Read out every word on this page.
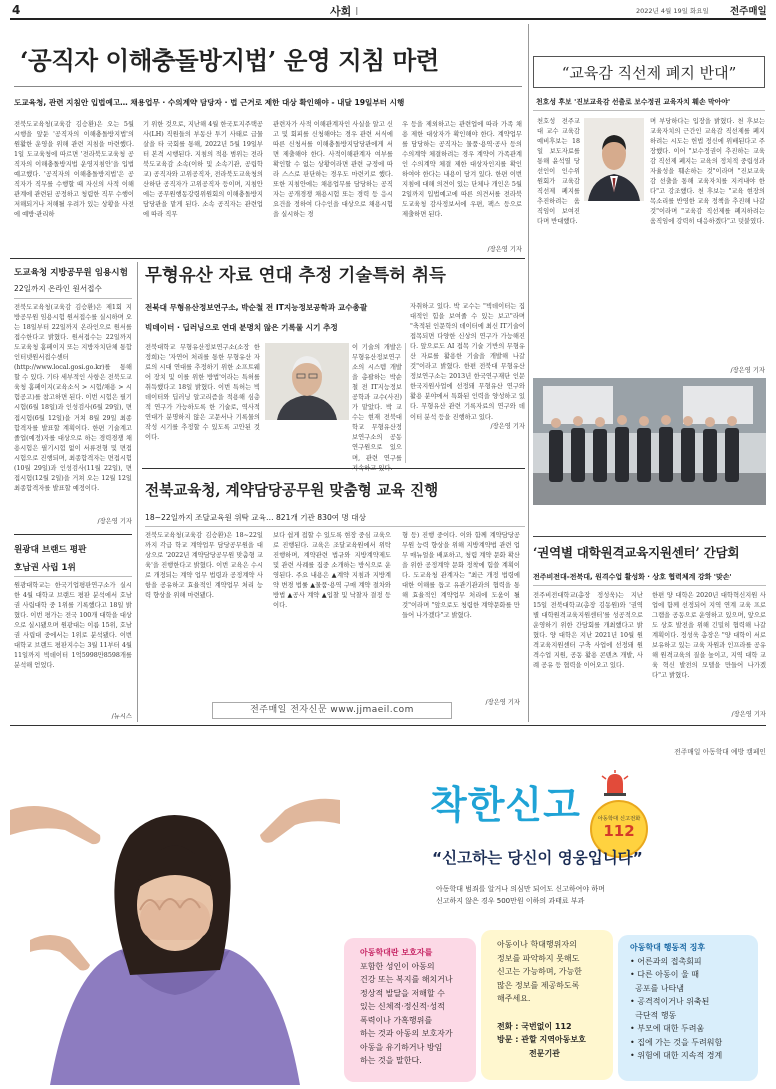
4	사회 I	2022년 4월 19일 화요일 전주매일
‘공직자 이해충돌방지법’ 운영 지침 마련
도교육청, 관련 지침안 입법예고… 채용업무 · 수의계약 담당자 · 법 근거로 제한 대상 확인해야 - 내달 19일부터 시행
전북도교육청(교육감 김승환)은 오는 5월 시행을 앞둔 '공직자의 이해충돌방지법'의 원활한 운영을 위해 관련 지침을 마련했다. 1일 도교육청에 따르면 '전라북도교육청 공직자의 이해충돌방지법 운영지침안'을 입법예고했다. '공직자의 이해충돌방지법'은 공직자가 직무를 수행할 때 자신의 사적 이해관계에 관련된 공정하고 청렴한 직무 수행이 저해되거나 저해될 우려가 있는 상황을 사전에 예방·관리하
기 위한 것으로, 지난해 4월 한국토지주택공사(LH) 직원들의 부동산 투기 사태로 급물살을 타 국회를 통해, 2022년 5월 19일부터 본격 시행된다. 지침의 적용 범위는 전라북도교육감 소속(이하 및 소속기관, 공립학교) 공직자와 고위공직자, 전라북도교육청의 산하단 공직자가 고위공직자 등이며, 지침안에는 공무원행동강령위원회의 이해충돌방지담당관을 맡게 된다. 소속 공직자는 관련업에 따라 직무
관련자가 사적 이해관계자인 사실을 알고 신고 및 회피를 신청해야는 경우 관련 서식에 따른 신청서를 이해충돌방지담당관에게 서면 제출해야 한다. 사적이해관계자 여부를 확인할 수 없는 상황이라면 관련 규정에 따라 스스로 판단하는 경우도 마련키로 했다. 또한 지침안에는 채용업무를 담당하는 공직자는 공개경쟁 채용시험 또는 경력 등 응시요건을 정하여 다수인을 대상으로 채용시험을 실시하는 경
우 등을 제외하고는 관련업에 따라 가족 채용 제한 대상자가 확인해야 한다. 계약업무를 담당하는 공직자는 물품·용역·공사 등의 수의계약 체결하려는 경우 계약이 가족관계인 수의계약 체결 제한 대상자인지를 확인 하여야 한다는 내용이 담겨 있다. 한편 이번 지침에 대해 의견이 있는 단체나 개인은 5월 2일까지 입법예고에 따른 의견서를 전라북도교육청 감사정보서에 우편, 팩스 등으로 제출하면 된다.
/장은영 기자
도교육청 지방공무원 임용시험
22일까지 온라인 원서접수
전북도교육청(교육감 김승환)은 제1회 지방공무원 임용시험 원서접수를 실시하며 오는 18일부터 22일까지 온라인으로 원서를 접수한다고 밝혔다. 원서접수는 22일까지 도교육청 홈페이지 또는 지방자치단체 통합인터넷원서접수센터(http://www.local.gosi.go.kr)를 통해 할 수 있다. 기타 세부적인 사항은 전북도교육청 홈페이지(교육소식 > 시험/채용 > 시험공고)를 참고하면 된다. 이번 시험은 필기시험(6월 18일)과 인성검사(6월 29일), 면접시험(6월 12일)을 거쳐 8월 29일 최종합격자를 발표할 계획이다. 한편 기술계고 졸업(예정)자를 대상으로 하는 경력경쟁 채용시험은 필기시험 없이 서류전형 및 면접시험으로 진행되며, 최종합격자는 면접시험(10월 29일)과 인성검사(11월 22일), 면접시험(12월 2일)을 거쳐 오는 12월 12일 최종합격자를 발표할 예정이다.
/장은영 기자
원광대 브랜드 평판
호남권 사립 1위
원광대학교는 한국기업평판연구소가 실시한 4월 대학교 브랜드 평판 분석에서 호남권 사립대학 중 1위를 기록했다고 18일 밝혔다. 이번 평가는 전국 100개 대학을 대상으로 실시됐으며 원광대는 이름 15위, 호남권 사립대 중에서는 1위로 분석됐다. 이번 대학교 브랜드 평판지수는 3월 11부터 4월 11일까지 빅데이터 1억5998만8598개를 분석해 얻었다.
/뉴시스
무형유산 자료 연대 추정 기술특허 취득
전북대 무형유산정보연구소, 박순철 전 IT지능정보공학과 교수총괄
빅데이터 · 딥러닝으로 연대 분명치 않은 기록물 시기 추정
전북대학교 무형유산정보연구소(소장 한정희)는 '자연어 처리를 통한 무형유산 자료의 시대 연대를 추정하기 위한 소프트웨어 장치 및 이를 위한 방법'이라는 특허를 취득했다고 18일 밝혔다. 이번 특허는 빅데이터와 딥러닝 알고리즘을 적용해 심층적 연구가 가능하도록 한 기술로, 역사적 연대가 분명하지 않은 고문서나 기록물의 작성 시기를 추정할 수 있도록 고안된 것이다.
이 기술의 개발은 무형유산정보연구소의 시스템 개발을 총괄하는 박순철 전 IT지능정보공학과 교수(사진)가 맡았다. 박 교수는 현재 전북대학교 무형유산정보연구소의 공동연구원으로 있으며, 관련 연구를
자취하고 있다. 박 교수는 "빅데이터는 집대적인 힘을 보여줄 수 있는 보고"라며 "축적된 인문학의 데이터에 최신 IT기술이 접목되면 다양한 신상의 연구가 가능해진다. 앞으로도 AI 접목 기술 기반의 무형유산 자료를 활용한 기술을 개발해 나갈 것"이라고 밝혔다. 한편 전북대 무형유산정보연구소는 2013년 한국연구재단 인문한국지원사업에 선정돼 무형유산 연구와 활용 분야에서 특화된 인력을 양성하고 있다. 무형유산 관련 기록자료의 연구와 데이터 분석 등을 진행하고 있다.
/장은영 기자
전북교육청, 계약담당공무원 맞춤형 교육 진행
18~22일까지 조달교육원 위탁 교육… 821개 기관 830여 명 대상
전북도교육청(교육감 김승환)은 18~22일까지 각급 학교 계약업무 담당공무원을 대상으로 '2022년 계약담당공무원 맞춤형 교육'을 진행한다고 밝혔다. 이번 교육은 수시로 개정되는 계약 업무 법령과 공정계약 사항을 공유하고 효율적인 계약업무 처리 능력 향상을 위해 마련됐다.
보다 쉽게 접할 수 있도록 현장 중심 교육으로 진행된다. 교육은 조달교육원에서 위탁 진행하며, 계약관련 법규와 지방계약제도 및 관련 사례를 집중 소개하는 방식으로 운영된다. 주요 내용은 ▲계약 지침과 지방계약 변경 법률 ▲물품·용역 구매 계약 절차와 방법 ▲공사 계약 ▲입찰 및 낙찰자 결정 등이다.
형 등) 진행 중이다. 이와 함께 계약담당공무원 능력 향상을 위해 지방계약법 관련 업무 매뉴얼을 배포하고, 청렴 계약 문화 확산을 위한 공정계약 문화 정착에 힘쓸 계획이다. 도교육청 관계자는 "최근 개정 법령에 대한 이해를 돕고 유관기관과의 협력을 통해 효율적인 계약업무 처리에 도움이 될 것"이라며 "앞으로도 청렴한 계약문화를 만들어 나가겠다"고 밝혔다.
/장은영 기자
전주매일 전자신문 www.jjmaeil.com
“교육감 직선제 폐지 반대”
천호성 후보 '진보교육감 선출로 보수정권 교육자치 훼손 막아야'
천호성 전주교대 교수 교육감 예비후보는 18일 보도자료를 통해 윤석열 당선인이 인수위원회가 교육감 직선제 폐지를 추진하려는 움직임이 보여진다며 반대했다.
며 부당하다는 입장을 밝혔다. 천 후보는 교육자치의 근간인 교육감 직선제를 폐지하려는 시도는 헌법 정신에 위배된다고 주장했다. 이어 "보수정권이 추진하는 교육감 직선제 폐지는 교육의 정치적 중립성과 자율성을 훼손하는 것"이라며 "진보교육감 선출을 통해 교육자치를 지켜내야 한다"고 강조했다. 천 후보는 "교육 현장의 목소리를 반영한 교육 정책을 추진해 나갈 것"이라며 "교육감 직선제를 폐지하려는 움직임에 강력히 대응하겠다"고 덧붙였다.
/장은영 기자
‘권역별 대학원격교육지원센터’ 간담회
전주비전대-전북대, 원격수업 활성화 · 상호 협력체계 강화 '맞손'
전주비전대학교(총장 정성욱)는 지난 15일 전북대학교(총장 김동원)와 '권역별 대학원격교육지원센터'를 성공적으로 운영하기 위한 간담회를 개최했다고 밝혔다. 양 대학은 지난 2021년 10월 원격교육지원센터 구축 사업에 선정돼 원격수업 지원, 공동 활용 콘텐츠 개발, 사례 공유 등 협력을 이어오고 있다.
한편 양 대학은 2020년 대학혁신지원 사업에 함께 선정되어 지역 연계 교육 프로그램을 공동으로 운영하고 있으며, 앞으로도 상호 발전을 위해 긴밀히 협력해 나갈 계획이다. 정성욱 총장은 "양 대학이 서로 보유하고 있는 교육 자원과 인프라를 공유해 원격교육의 질을 높이고, 지역 대학 교육 혁신 발전의 모델을 만들어 나가겠다"고 밝혔다.
/장은영 기자
전주매일 아동학대 예방 캠페인
착한신고	아동학대 신고전화
112
“신고하는 당신이 영웅입니다”
아동학대 범죄를 알거나 의심만 되어도 신고하여야 하며
신고하지 않은 경우 500만원 이하의 과태료 부과
아동학대란 보호자를
포함한 성인이 아동의
건강 또는 복지를 해치거나
정상적 발달을 저해할 수
있는 신체적·정신적·성적
폭력이나 가혹행위를
하는 것과 아동의 보호자가
아동을 유기하거나 방임
하는 것을 말한다.
아동이나 학대행위자의
정보를 파악하지 못해도
신고는 가능하며, 가능한
많은 정보를 제공하도록
해주세요.
전화 : 국번없이 112
방문 : 관할 지역아동보호
전문기관
아동학대 행동적 징후
• 어른과의 접촉회피
• 다른 아동이 울 때
공포를 나타냄
• 공격적이거나 위축된
극단적 행동
• 부모에 대한 두려움
• 집에 가는 것을 두려워함
• 위험에 대한 지속적 경계
